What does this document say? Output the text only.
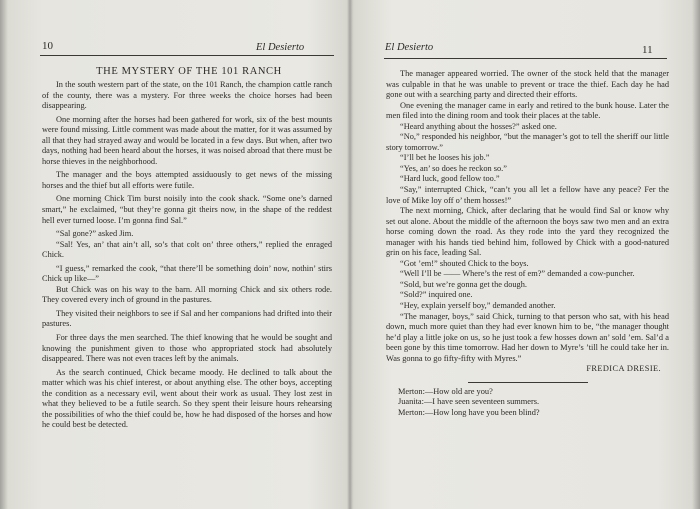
10	El Desierto
THE MYSTERY OF THE 101 RANCH

In the south western part of the state, on the 101 Ranch, the champion cattle ranch of the county, there was a mystery. For three weeks the choice horses had been disappearing.

One morning after the horses had been gathered for work, six of the best mounts were found missing. Little comment was made about the matter, for it was assumed by all that they had strayed away and would be located in a few days. But when, after two days, nothing had been heard about the horses, it was noised abroad that there must be horse thieves in the neighborhood.

The manager and the boys attempted assiduously to get news of the missing horses and the thief but all efforts were futile.

One morning Chick Tim burst noisily into the cook shack. “Some one’s darned smart,” he exclaimed, “but they’re gonna git theirs now, in the shape of the reddest hell ever turned loose. I’m gonna find Sal.”

“Sal gone?” asked Jim.

“Sal! Yes, an’ that ain’t all, so’s that colt on’ three others,” replied the enraged Chick.

“I guess,” remarked the cook, “that there’ll be something doin’ now, nothin’ stirs Chick up like—”

But Chick was on his way to the barn. All morning Chick and six others rode. They covered every inch of ground in the pastures.

They visited their neighbors to see if Sal and her companions had drifted into their pastures.

For three days the men searched. The thief knowing that he would be sought and knowing the punishment given to those who appropriated stock had absolutely disappeared. There was not even traces left by the animals.

As the search continued, Chick became moody. He declined to talk about the matter which was his chief interest, or about anything else. The other boys, accepting the condition as a necessary evil, went about their work as usual. They lost zest in what they believed to be a futile search. So they spent their leisure hours rehearsing the possibilities of who the thief could be, how he had disposed of the horses and how he could best be detected.

El Desierto	11

The manager appeared worried. The owner of the stock held that the manager was culpable in that he was unable to prevent or trace the thief. Each day he had gone out with a searching party and directed their efforts.

One evening the manager came in early and retired to the bunk house. Later the men filed into the dining room and took their places at the table.

“Heard anything about the hosses?” asked one.

“No,” responded his neighbor, “but the manager’s got to tell the sheriff our little story tomorrow.”

“I’ll bet he looses his job.”

“Yes, an’ so does he reckon so.”

“Hard luck, good fellow too.”

“Say,” interrupted Chick, “can’t you all let a fellow have any peace? Fer the love of Mike loy off o’ them hosses!”

The next morning, Chick, after declaring that he would find Sal or know why set out alone. About the middle of the afternoon the boys saw two men and an extra horse coming down the road. As they rode into the yard they recognized the manager with his hands tied behind him, followed by Chick with a good-natured grin on his face, leading Sal.

“Got ’em!” shouted Chick to the boys.

“Well I’ll be —— Where’s the rest of em?” demanded a cow-puncher.

“Sold, but we’re gonna get the dough.

“Sold?” inquired one.

“Hey, explain yerself boy,” demanded another.

“The manager, boys,” said Chick, turning to that person who sat, with his head down, much more quiet than they had ever known him to be, “the manager thought he’d play a little joke on us, so he just took a few hosses down an’ sold ’em. Sal’d a been gone by this time tomorrow. Had her down to Myre’s ’till he could take her in. Was gonna to go fifty-fifty with Myres.”

FREDICA DRESIE.

Merton:—How old are you?

Juanita:—I have seen seventeen summers.

Merton:—How long have you been blind?
